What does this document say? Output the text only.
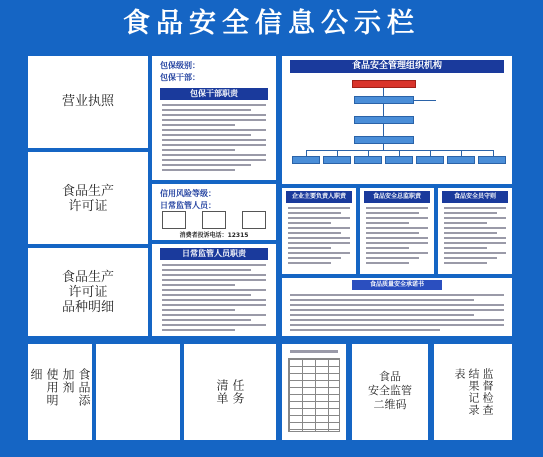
食品安全信息公示栏
营业执照
食品生产
许可证
食品生产
许可证
品种明细
包保级别：
包保干部：
包保干部职责
信用风险等级：
日常监管人员：
消费者投诉电话：12315
日常监管人员职责
食品安全管理组织机构
企业主要负责人职责	食品安全总监职责	食品安全员守则
食品质量安全承诺书
食品添加剂
使用明细
任务
清单
食品
安全监管
二维码	监督检查
结果记录表
